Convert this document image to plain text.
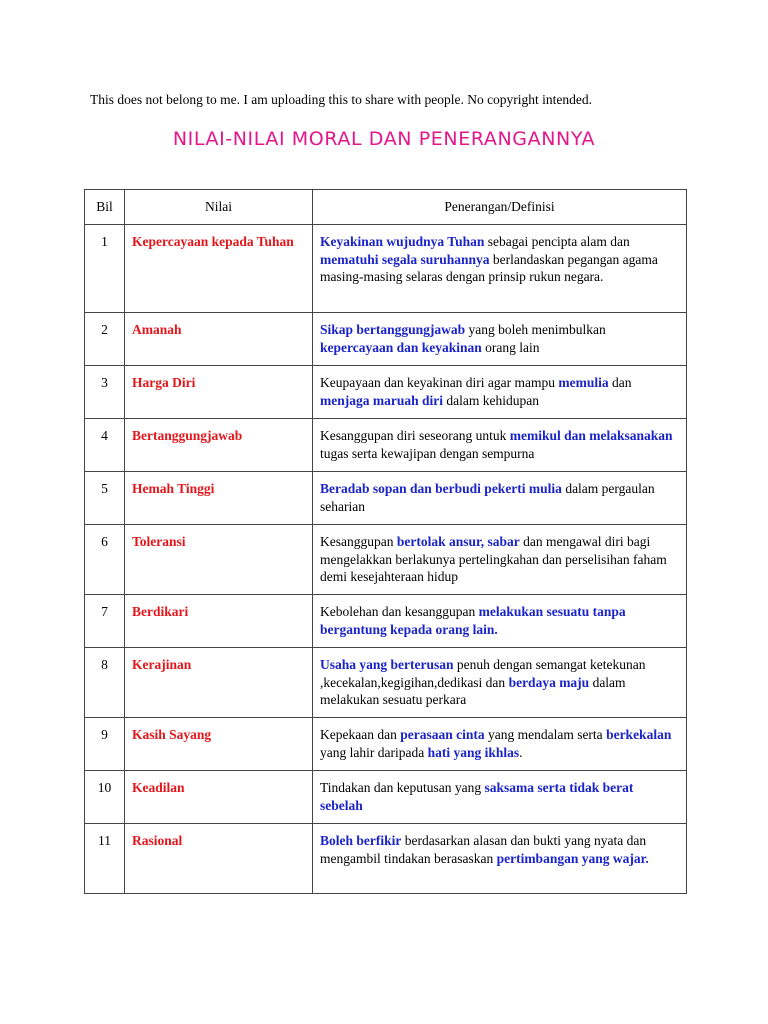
This does not belong to me. I am uploading this to share with people. No copyright intended.

NILAI-NILAI MORAL DAN PENERANGANNYA
Bil	Nilai	Penerangan/Definisi
1	Kepercayaan kepada Tuhan	Keyakinan wujudnya Tuhan sebagai pencipta alam dan mematuhi segala suruhannya berlandaskan pegangan agama masing-masing selaras dengan prinsip rukun negara.
2	Amanah	Sikap bertanggungjawab yang boleh menimbulkan kepercayaan dan keyakinan orang lain
3	Harga Diri	Keupayaan dan keyakinan diri agar mampu memulia dan menjaga maruah diri dalam kehidupan
4	Bertanggungjawab	Kesanggupan diri seseorang untuk memikul dan melaksanakan tugas serta kewajipan dengan sempurna
5	Hemah Tinggi	Beradab sopan dan berbudi pekerti mulia dalam pergaulan seharian
6	Toleransi	Kesanggupan bertolak ansur, sabar dan mengawal diri bagi mengelakkan berlakunya pertelingkahan dan perselisihan faham demi kesejahteraan hidup
7	Berdikari	Kebolehan dan kesanggupan melakukan sesuatu tanpa bergantung kepada orang lain.
8	Kerajinan	Usaha yang berterusan penuh dengan semangat ketekunan ,kecekalan,kegigihan,dedikasi dan berdaya maju dalam melakukan sesuatu perkara
9	Kasih Sayang	Kepekaan dan perasaan cinta yang mendalam serta berkekalan yang lahir daripada hati yang ikhlas.
10	Keadilan	Tindakan dan keputusan yang saksama serta tidak berat sebelah
11	Rasional	Boleh berfikir berdasarkan alasan dan bukti yang nyata dan mengambil tindakan berasaskan pertimbangan yang wajar.
